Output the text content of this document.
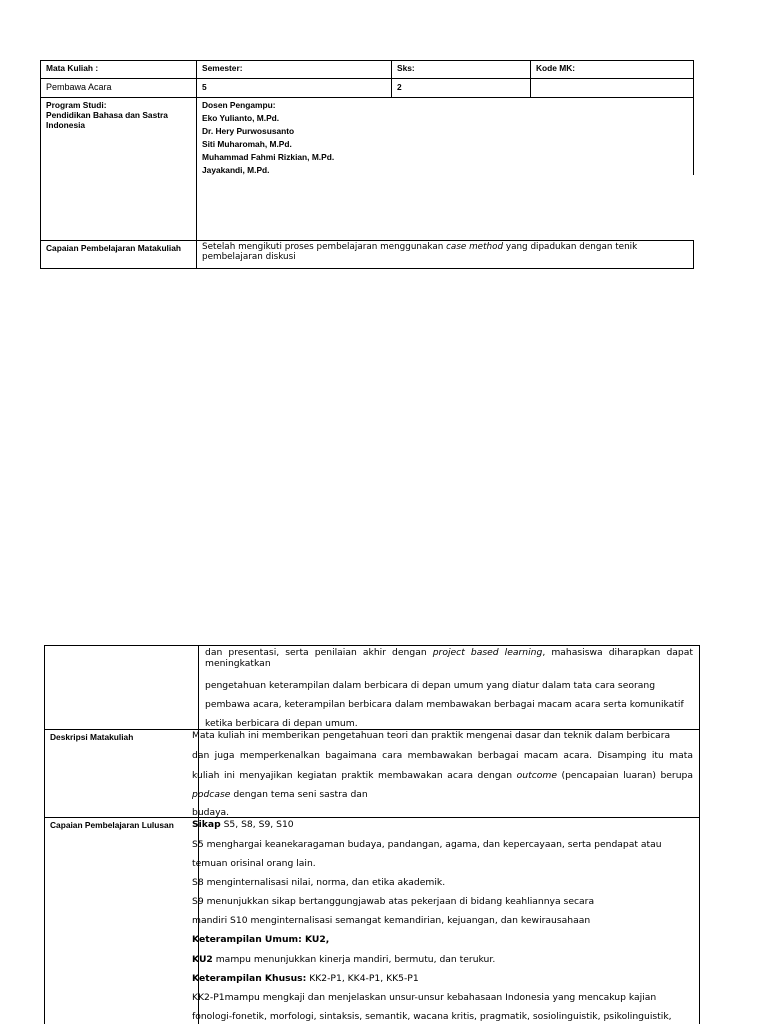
Mata Kuliah :
Pembawa Acara
Semester:
5
Sks:
2
Kode MK:
Program Studi:
Pendidikan Bahasa dan Sastra Indonesia
Dosen Pengampu:
Eko Yulianto, M.Pd.
Dr. Hery Purwosusanto
Siti Muharomah, M.Pd.
Muhammad Fahmi Rizkian, M.Pd.
Jayakandi, M.Pd.
Capaian Pembelajaran Matakuliah	Setelah mengikuti proses pembelajaran menggunakan case method yang dipadukan dengan tenik
pembelajaran diskusi
dan presentasi, serta penilaian akhir dengan project based learning, mahasiswa diharapkan dapat
meningkatkan
pengetahuan keterampilan dalam berbicara di depan umum yang diatur dalam tata cara seorang
pembawa acara, keterampilan berbicara dalam membawakan berbagai macam acara serta komunikatif
ketika berbicara di depan umum.
Deskripsi Matakuliah	Mata kuliah ini memberikan pengetahuan teori dan praktik mengenai dasar dan teknik dalam berbicara
dan juga memperkenalkan bagaimana cara membawakan berbagai macam acara. Disamping itu mata
kuliah ini menyajikan kegiatan praktik membawakan acara dengan outcome (pencapaian luaran) berupa
podcase dengan tema seni sastra dan
budaya.
Capaian Pembelajaran Lulusan Sikap S5, S8, S9, S10
S5 menghargai keanekaragaman budaya, pandangan, agama, dan kepercayaan, serta pendapat atau
temuan orisinal orang lain.
S8 menginternalisasi nilai, norma, dan etika akademik.
S9 menunjukkan sikap bertanggungjawab atas pekerjaan di bidang keahliannya secara
mandiri S10 menginternalisasi semangat kemandirian, kejuangan, dan kewirausahaan
Keterampilan Umum: KU2,
KU2 mampu menunjukkan kinerja mandiri, bermutu, dan terukur.
Keterampilan Khusus: KK2-P1, KK4-P1, KK5-P1
KK2-P1mampu mengkaji dan menjelaskan unsur-unsur kebahasaan Indonesia yang mencakup kajian
fonologi-fonetik, morfologi, sintaksis, semantik, wacana kritis, pragmatik, sosiolinguistik, psikolinguistik,
